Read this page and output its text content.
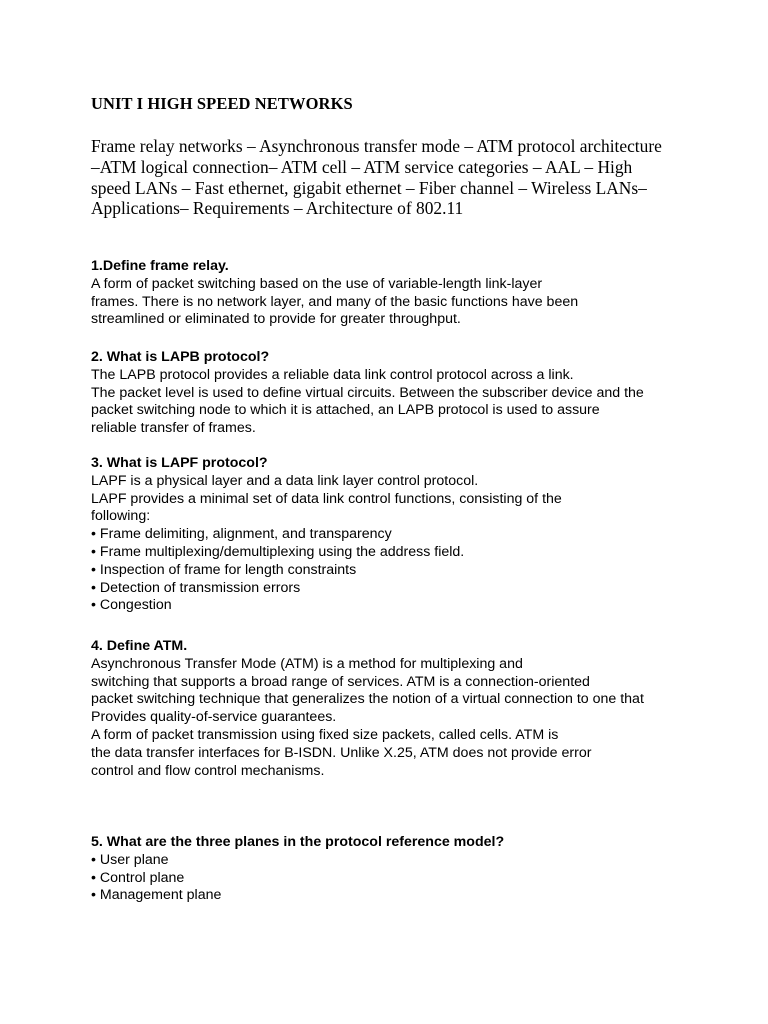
UNIT I HIGH SPEED NETWORKS
Frame relay networks – Asynchronous transfer mode – ATM protocol architecture
–ATM logical connection– ATM cell – ATM service categories – AAL – High
speed LANs – Fast ethernet, gigabit ethernet – Fiber channel – Wireless LANs–
Applications– Requirements – Architecture of 802.11
1.Define frame relay.
A form of packet switching based on the use of variable-length link-layer
frames. There is no network layer, and many of the basic functions have been
streamlined or eliminated to provide for greater throughput.
2. What is LAPB protocol?
The LAPB protocol provides a reliable data link control protocol across a link.
The packet level is used to define virtual circuits. Between the subscriber device and the
packet switching node to which it is attached, an LAPB protocol is used to assure
reliable transfer of frames.
3. What is LAPF protocol?
LAPF is a physical layer and a data link layer control protocol.
LAPF provides a minimal set of data link control functions, consisting of the
following:
• Frame delimiting, alignment, and transparency
• Frame multiplexing/demultiplexing using the address field.
• Inspection of frame for length constraints
• Detection of transmission errors
• Congestion
4. Define ATM.
Asynchronous Transfer Mode (ATM) is a method for multiplexing and
switching that supports a broad range of services. ATM is a connection-oriented
packet switching technique that generalizes the notion of a virtual connection to one that
Provides quality-of-service guarantees.
A form of packet transmission using fixed size packets, called cells. ATM is
the data transfer interfaces for B-ISDN. Unlike X.25, ATM does not provide error
control and flow control mechanisms.
5. What are the three planes in the protocol reference model?
• User plane
• Control plane
• Management plane
